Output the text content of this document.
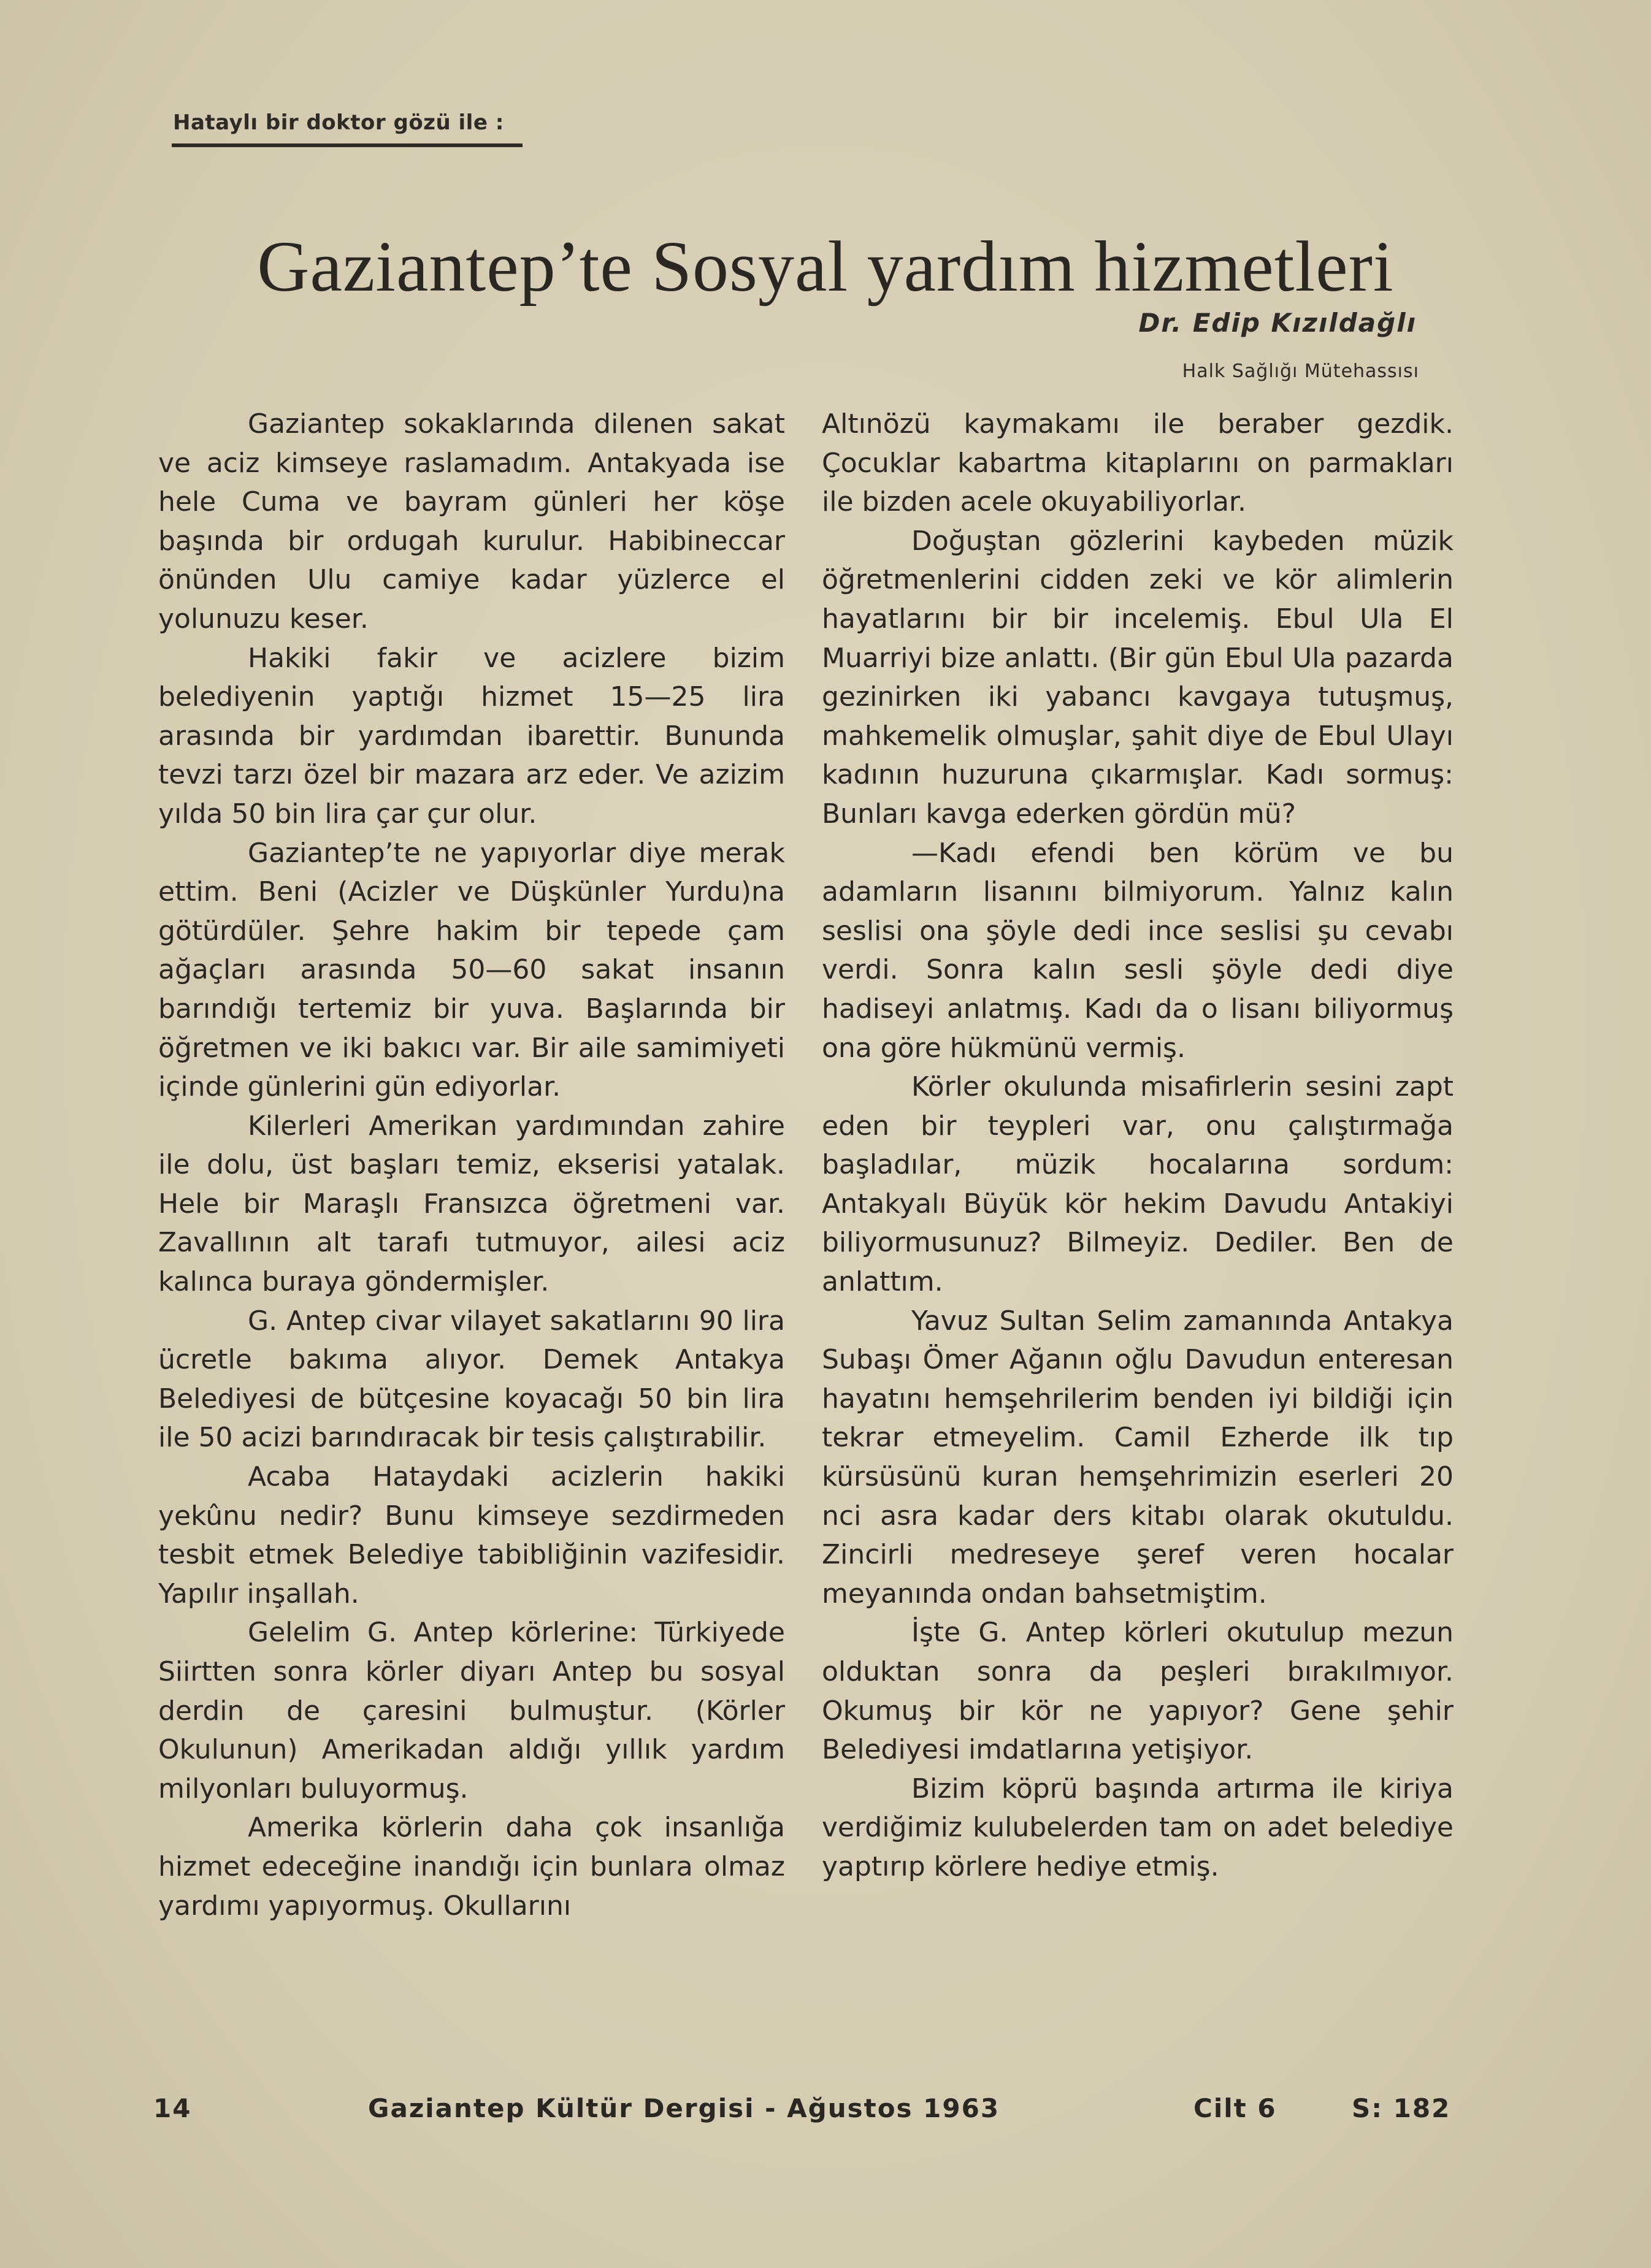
Hataylı bir doktor gözü ile :
Gaziantep’te Sosyal yardım hizmetleri
Dr. Edip Kızıldağlı
Halk Sağlığı Mütehassısı

Gaziantep sokaklarında dilenen sakat ve aciz kimseye raslamadım. Antakyada ise hele Cuma ve bayram günleri her köşe başında bir ordugah kurulur. Habibineccar önünden Ulu camiye kadar yüzlerce el yolunuzu keser.

Hakiki fakir ve acizlere bizim belediyenin yaptığı hizmet 15—25 lira arasında bir yardımdan ibarettir. Bununda tevzi tarzı özel bir mazara arz eder. Ve azizim yılda 50 bin lira çar çur olur.

Gaziantep’te ne yapıyorlar diye merak ettim. Beni (Acizler ve Düşkünler Yurdu)na götürdüler. Şehre hakim bir tepede çam ağaçları arasında 50—60 sakat insanın barındığı tertemiz bir yuva. Başlarında bir öğretmen ve iki bakıcı var. Bir aile samimiyeti içinde günlerini gün ediyorlar.

Kilerleri Amerikan yardımından zahire ile dolu, üst başları temiz, ekserisi yatalak. Hele bir Maraşlı Fransızca öğretmeni var. Zavallının alt tarafı tutmuyor, ailesi aciz kalınca buraya göndermişler.

G. Antep civar vilayet sakatlarını 90 lira ücretle bakıma alıyor. Demek Antakya Belediyesi de bütçesine koyacağı 50 bin lira ile 50 acizi barındıracak bir tesis çalıştırabilir.

Acaba Hataydaki acizlerin hakiki yekûnu nedir? Bunu kimseye sezdirmeden tesbit etmek Belediye tabibliğinin vazifesidir. Yapılır inşallah.

Gelelim G. Antep körlerine: Türkiyede Siirtten sonra körler diyarı Antep bu sosyal derdin de çaresini bulmuştur. (Körler Okulunun) Amerikadan aldığı yıllık yardım milyonları buluyormuş.

Amerika körlerin daha çok insanlığa hizmet edeceğine inandığı için bunlara olmaz yardımı yapıyormuş. Okullarını

Altınözü kaymakamı ile beraber gezdik. Çocuklar kabartma kitaplarını on parmakları ile bizden acele okuyabiliyorlar.

Doğuştan gözlerini kaybeden müzik öğretmenlerini cidden zeki ve kör alimlerin hayatlarını bir bir incelemiş. Ebul Ula El Muarriyi bize anlattı. (Bir gün Ebul Ula pazarda gezinirken iki yabancı kavgaya tutuşmuş, mahkemelik olmuşlar, şahit diye de Ebul Ulayı kadının huzuruna çıkarmışlar. Kadı sormuş: Bunları kavga ederken gördün mü?

—Kadı efendi ben körüm ve bu adamların lisanını bilmiyorum. Yalnız kalın seslisi ona şöyle dedi ince seslisi şu cevabı verdi. Sonra kalın sesli şöyle dedi diye hadiseyi anlatmış. Kadı da o lisanı biliyormuş ona göre hükmünü vermiş.

Körler okulunda misafirlerin sesini zapt eden bir teypleri var, onu çalıştırmağa başladılar, müzik hocalarına sordum: Antakyalı Büyük kör hekim Davudu Antakiyi biliyormusunuz? Bilmeyiz. Dediler. Ben de anlattım.

Yavuz Sultan Selim zamanında Antakya Subaşı Ömer Ağanın oğlu Davudun enteresan hayatını hemşehrilerim benden iyi bildiği için tekrar etmeyelim. Camil Ezherde ilk tıp kürsüsünü kuran hemşehrimizin eserleri 20 nci asra kadar ders kitabı olarak okutuldu. Zincirli medreseye şeref veren hocalar meyanında ondan bahsetmiştim.

İşte G. Antep körleri okutulup mezun olduktan sonra da peşleri bırakılmıyor. Okumuş bir kör ne yapıyor? Gene şehir Belediyesi imdatlarına yetişiyor.

Bizim köprü başında artırma ile kiriya verdiğimiz kulubelerden tam on adet belediye yaptırıp körlere hediye etmiş.

14	Gaziantep Kültür Dergisi - Ağustos 1963	Cilt 6	S: 182
